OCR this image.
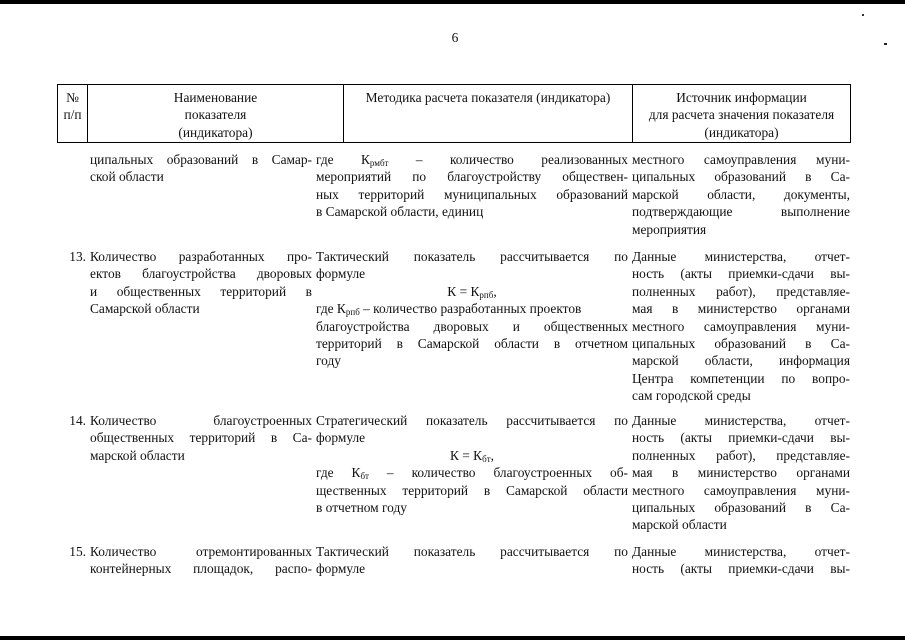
6
№
п/п
Наименование
показателя
(индикатора)
Методика расчета показателя (индикатора)	Источник информации
для расчета значения показателя
(индикатора)
ципальных образований в Самар-
ской области
где $К_{рмбт}$ – количество реализованных
мероприятий по благоустройству обществен-
ных территорий муниципальных образований
в Самарской области, единиц
местного самоуправления муни-
ципальных образований в Са-
марской области, документы,
подтверждающие выполнение
мероприятия
13. Количество разработанных про-
ектов благоустройства дворовых
и общественных территорий в
Самарской области
Тактический показатель рассчитывается по
формуле
$К = К_{рпб}$,
где $К_{рпб}$ – количество разработанных проектов
благоустройства дворовых и общественных
территорий в Самарской области в отчетном
году
Данные министерства, отчет-
ность (акты приемки-сдачи вы-
полненных работ), представляе-
мая в министерство органами
местного самоуправления муни-
ципальных образований в Са-
марской области, информация
Центра компетенции по вопро-
сам городской среды
14. Количество благоустроенных
общественных территорий в Са-
марской области
Стратегический показатель рассчитывается по
формуле
$К = К_{бт}$,
где $К_{бт}$ – количество благоустроенных об-
щественных территорий в Самарской области
в отчетном году
Данные министерства, отчет-
ность (акты приемки-сдачи вы-
полненных работ), представляе-
мая в министерство органами
местного самоуправления муни-
ципальных образований в Са-
марской области
15. Количество отремонтированных
контейнерных площадок, распо-
Тактический показатель рассчитывается по
формуле
Данные министерства, отчет-
ность (акты приемки-сдачи вы-
